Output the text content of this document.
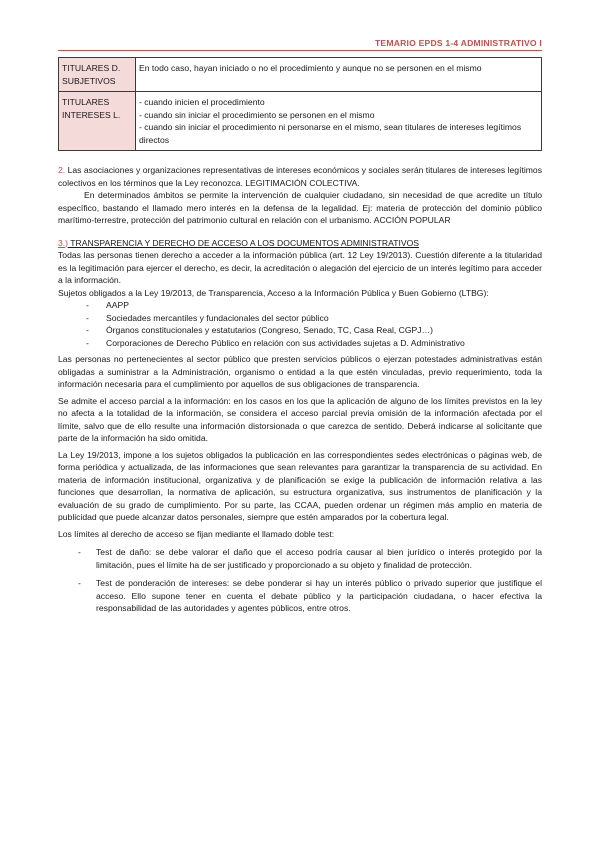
TEMARIO EPDS 1-4 ADMINISTRATIVO I
TITULARES D. SUBJETIVOS	En todo caso, hayan iniciado o no el procedimiento y aunque no se personen en el mismo

TITULARES INTERESES L.	- cuando inicien el procedimiento
- cuando sin iniciar el procedimiento se personen en el mismo
- cuando sin iniciar el procedimiento ni personarse en el mismo, sean titulares de intereses legítimos directos

2. Las asociaciones y organizaciones representativas de intereses económicos y sociales serán titulares de intereses legítimos colectivos en los términos que la Ley reconozca. LEGITIMACIÓN COLECTIVA.

En determinados ámbitos se permite la intervención de cualquier ciudadano, sin necesidad de que acredite un título específico, bastando el llamado mero interés en la defensa de la legalidad. Ej: materia de protección del dominio público marítimo-terrestre, protección del patrimonio cultural en relación con el urbanismo. ACCIÓN POPULAR

3.) TRANSPARENCIA Y DERECHO DE ACCESO A LOS DOCUMENTOS ADMINISTRATIVOS

Todas las personas tienen derecho a acceder a la información pública (art. 12 Ley 19/2013). Cuestión diferente a la titularidad es la legitimación para ejercer el derecho, es decir, la acreditación o alegación del ejercicio de un interés legítimo para acceder a la información.

Sujetos obligados a la Ley 19/2013, de Transparencia, Acceso a la Información Pública y Buen Gobierno (LTBG):

- AAPP
- Sociedades mercantiles y fundacionales del sector público
- Órganos constitucionales y estatutarios (Congreso, Senado, TC, Casa Real, CGPJ…)
- Corporaciones de Derecho Público en relación con sus actividades sujetas a D. Administrativo

Las personas no pertenecientes al sector público que presten servicios públicos o ejerzan potestades administrativas están obligadas a suministrar a la Administración, organismo o entidad a la que estén vinculadas, previo requerimiento, toda la información necesaria para el cumplimiento por aquellos de sus obligaciones de transparencia.

Se admite el acceso parcial a la información: en los casos en los que la aplicación de alguno de los límites previstos en la ley no afecta a la totalidad de la información, se considera el acceso parcial previa omisión de la información afectada por el límite, salvo que de ello resulte una información distorsionada o que carezca de sentido. Deberá indicarse al solicitante que parte de la información ha sido omitida.

La Ley 19/2013, impone a los sujetos obligados la publicación en las correspondientes sedes electrónicas o páginas web, de forma periódica y actualizada, de las informaciones que sean relevantes para garantizar la transparencia de su actividad. En materia de información institucional, organizativa y de planificación se exige la publicación de información relativa a las funciones que desarrollan, la normativa de aplicación, su estructura organizativa, sus instrumentos de planificación y la evaluación de su grado de cumplimiento. Por su parte, las CCAA, pueden ordenar un régimen más amplio en materia de publicidad que puede alcanzar datos personales, siempre que estén amparados por la cobertura legal.

Los límites al derecho de acceso se fijan mediante el llamado doble test:

- Test de daño: se debe valorar el daño que el acceso podría causar al bien jurídico o interés protegido por la limitación, pues el límite ha de ser justificado y proporcionado a su objeto y finalidad de protección.
- Test de ponderación de intereses: se debe ponderar si hay un interés público o privado superior que justifique el acceso. Ello supone tener en cuenta el debate público y la participación ciudadana, o hacer efectiva la responsabilidad de las autoridades y agentes públicos, entre otros.
